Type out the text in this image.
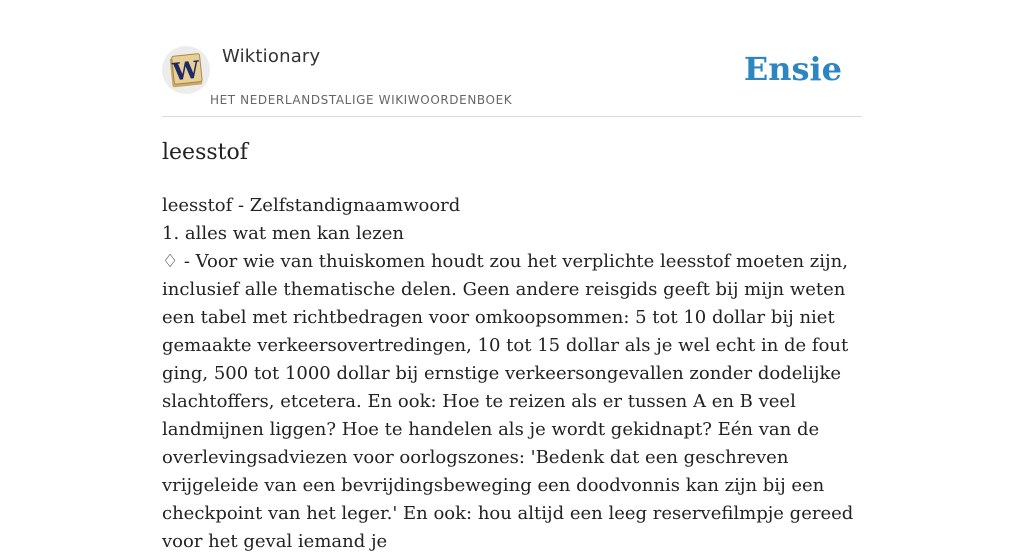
W Wiktionary
HET NEDERLANDSTALIGE WIKIWOORDENBOEK
Ensie
leesstof
leesstof - Zelfstandignaamwoord
1. alles wat men kan lezen
♢ - Voor wie van thuiskomen houdt zou het verplichte leesstof moeten zijn, inclusief alle thematische delen. Geen andere reisgids geeft bij mijn weten een tabel met richtbedragen voor omkoopsommen: 5 tot 10 dollar bij niet gemaakte verkeersovertredingen, 10 tot 15 dollar als je wel echt in de fout ging, 500 tot 1000 dollar bij ernstige verkeersongevallen zonder dodelijke slachtoffers, etcetera. En ook: Hoe te reizen als er tussen A en B veel landmijnen liggen? Hoe te handelen als je wordt gekidnapt? Eén van de overlevingsadviezen voor oorlogszones: 'Bedenk dat een geschreven vrijgeleide van een bevrijdingsbeweging een doodvonnis kan zijn bij een checkpoint van het leger.' En ook: hou altijd een leeg reservefilmpje gereed voor het geval iemand je
